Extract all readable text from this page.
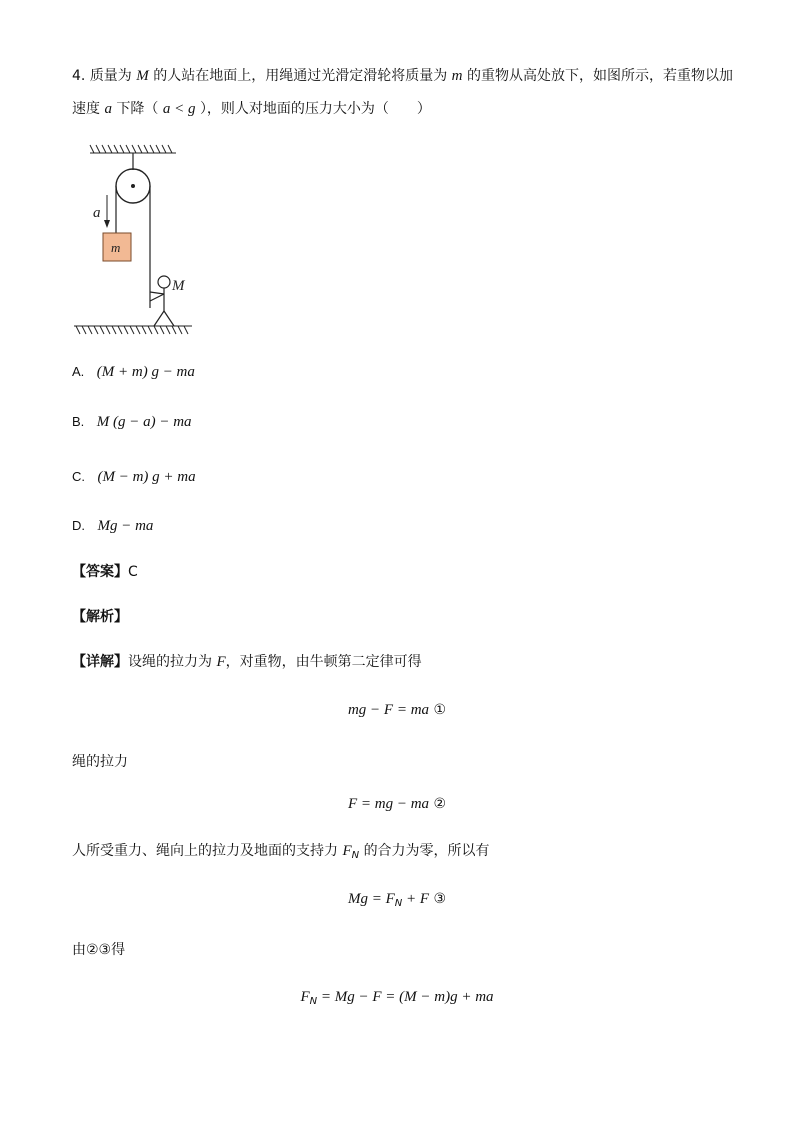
4. 质量为 M 的人站在地面上，用绳通过光滑定滑轮将质量为 m 的重物从高处放下，如图所示，若重物以加
速度 a 下降（ a < g ），则人对地面的压力大小为（　　）
a
m
M
A. (M + m) g − ma
B. M (g − a) − ma
C. (M − m) g + ma
D. Mg − ma
【答案】C
【解析】
【详解】设绳的拉力为 F，对重物，由牛顿第二定律可得
mg − F = ma ①
绳的拉力
F = mg − ma ②
人所受重力、绳向上的拉力及地面的支持力 $F_N$ 的合力为零，所以有
$Mg = F_N + F$ ③
由②③得
$F_N = Mg - F = (M - m)g$ + ma
